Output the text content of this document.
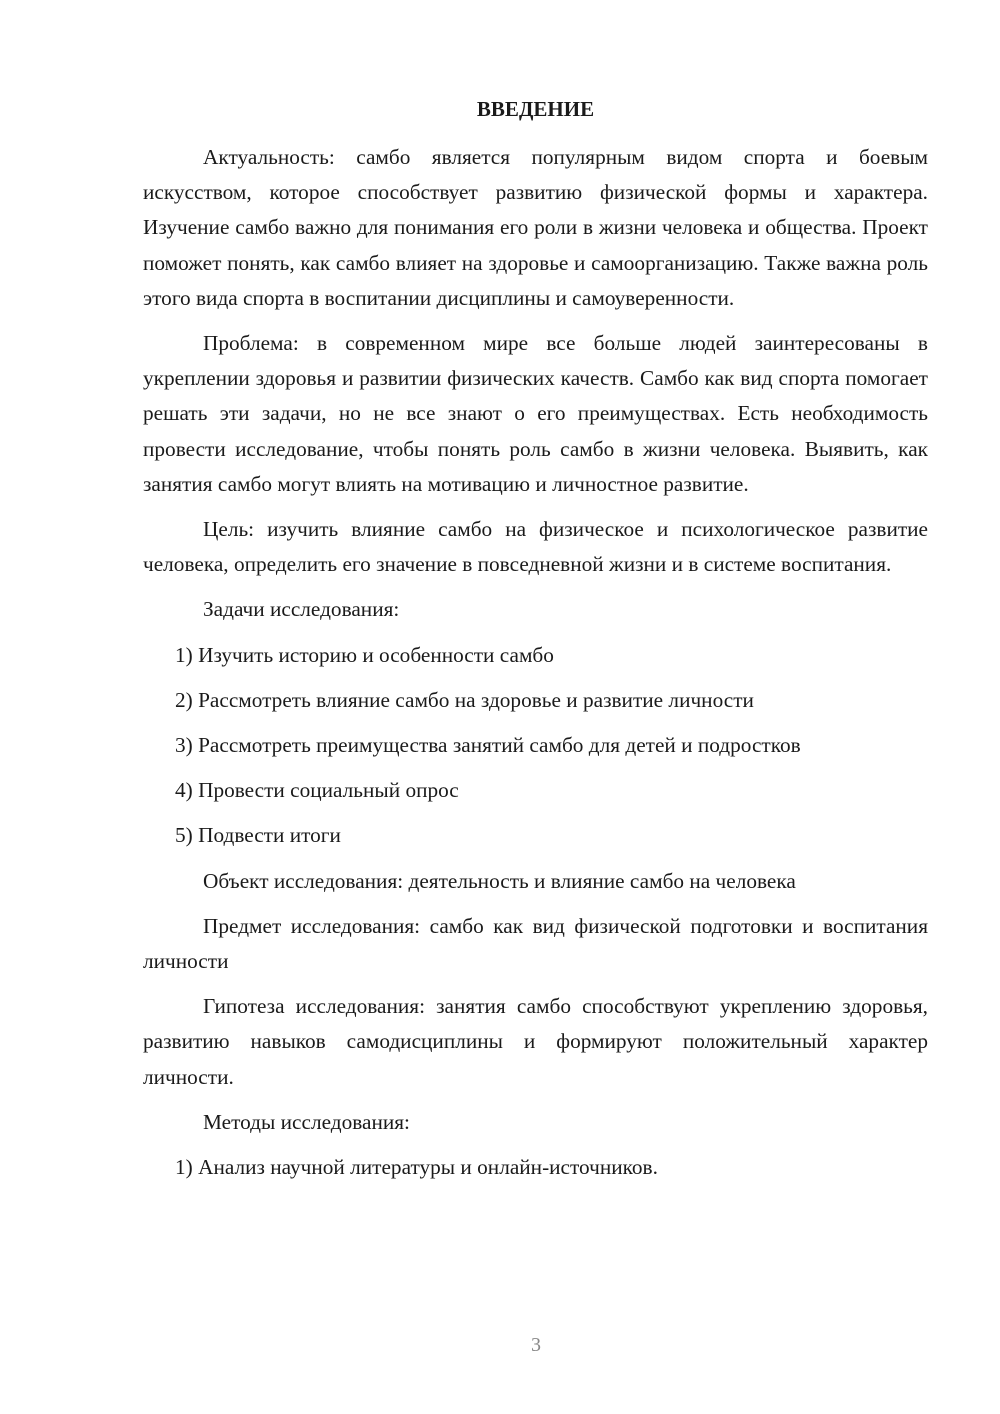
ВВЕДЕНИЕ

Актуальность: самбо является популярным видом спорта и боевым искусством, которое способствует развитию физической формы и характера. Изучение самбо важно для понимания его роли в жизни человека и общества. Проект поможет понять, как самбо влияет на здоровье и самоорганизацию. Также важна роль этого вида спорта в воспитании дисциплины и самоуверенности.

Проблема: в современном мире все больше людей заинтересованы в укреплении здоровья и развитии физических качеств. Самбо как вид спорта помогает решать эти задачи, но не все знают о его преимуществах. Есть необходимость провести исследование, чтобы понять роль самбо в жизни человека. Выявить, как занятия самбо могут влиять на мотивацию и личностное развитие.

Цель: изучить влияние самбо на физическое и психологическое развитие человека, определить его значение в повседневной жизни и в системе воспитания.

Задачи исследования:

1) Изучить историю и особенности самбо
2) Рассмотреть влияние самбо на здоровье и развитие личности
3) Рассмотреть преимущества занятий самбо для детей и подростков
4) Провести социальный опрос
5) Подвести итоги

Объект исследования: деятельность и влияние самбо на человека

Предмет исследования: самбо как вид физической подготовки и воспитания личности

Гипотеза исследования: занятия самбо способствуют укреплению здоровья, развитию навыков самодисциплины и формируют положительный характер личности.

Методы исследования:

1) Анализ научной литературы и онлайн-источников.
3
